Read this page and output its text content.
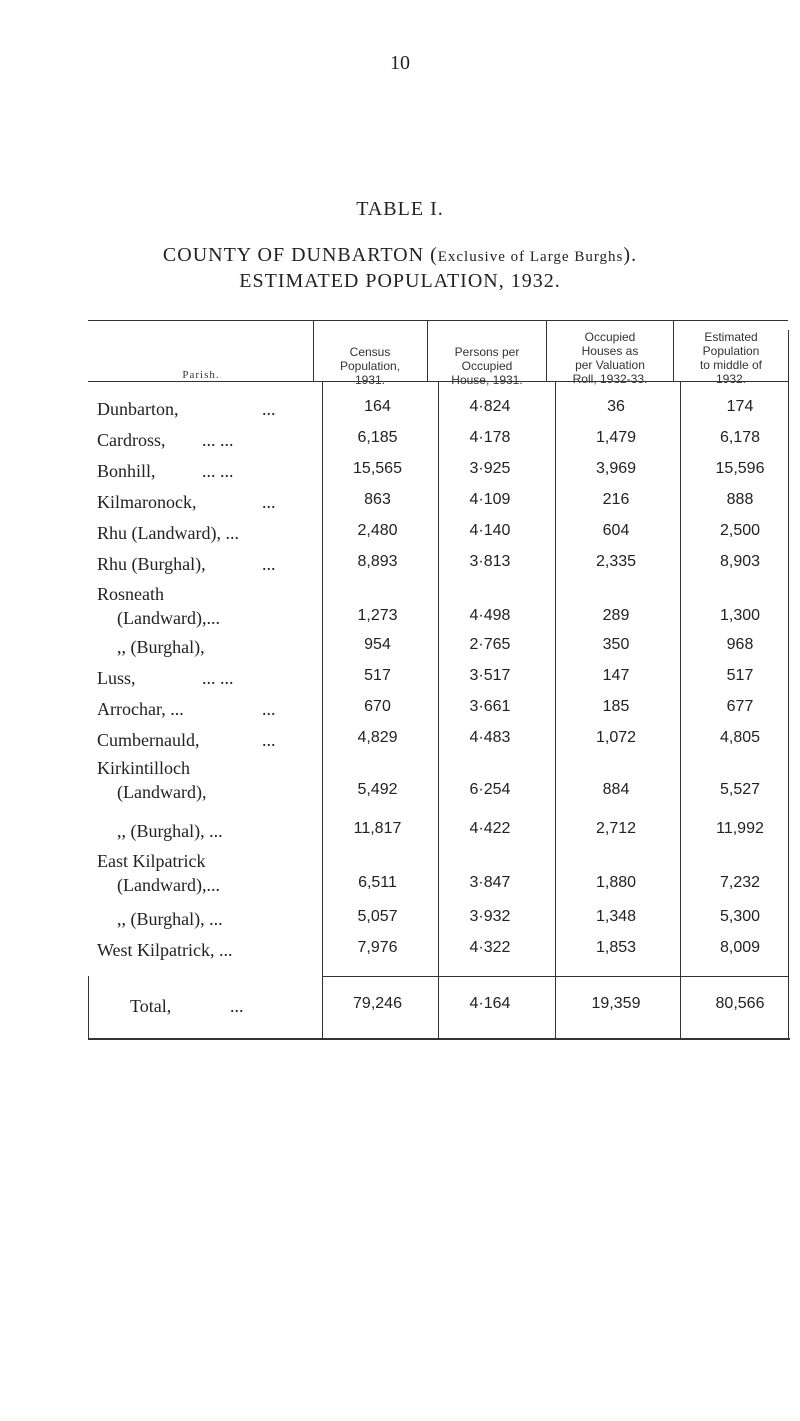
10
TABLE I.
COUNTY OF DUNBARTON (Exclusive of Large Burghs).
ESTIMATED POPULATION, 1932.
Parish.
Census
Population,
1931.
Persons per
Occupied
House, 1931.
Occupied
Houses as
per Valuation
Roll, 1932-33.
Estimated
Population
to middle of
1932.
Dunbarton,	...	164	4·824	36	174
Cardross, ... ...	6,185	4·178	1,479	6,178
Bonhill,	... ...	15,565	3·925	3,969	15,596
Kilmaronock,	...	863	4·109	216	888
Rhu (Landward), ...	2,480	4·140	604	2,500
Rhu (Burghal),	...	8,893	3·813	2,335	8,903
Rosneath
(Landward),...	1,273	4·498	289	1,300
,, (Burghal),	954	2·765	350	968
Luss,	... ...	517	3·517	147	517
Arrochar, ...	...	670	3·661	185	677
Cumbernauld,	...	4,829	4·483	1,072	4,805
Kirkintilloch
(Landward),	5,492	6·254	884	5,527
,, (Burghal), ...	11,817	4·422	2,712	11,992
East Kilpatrick
(Landward),...	6,511	3·847	1,880	7,232
,, (Burghal), ...	5,057	3·932	1,348	5,300
West Kilpatrick, ...	7,976	4·322	1,853	8,009
Total,	...	79,246	4·164	19,359	80,566
